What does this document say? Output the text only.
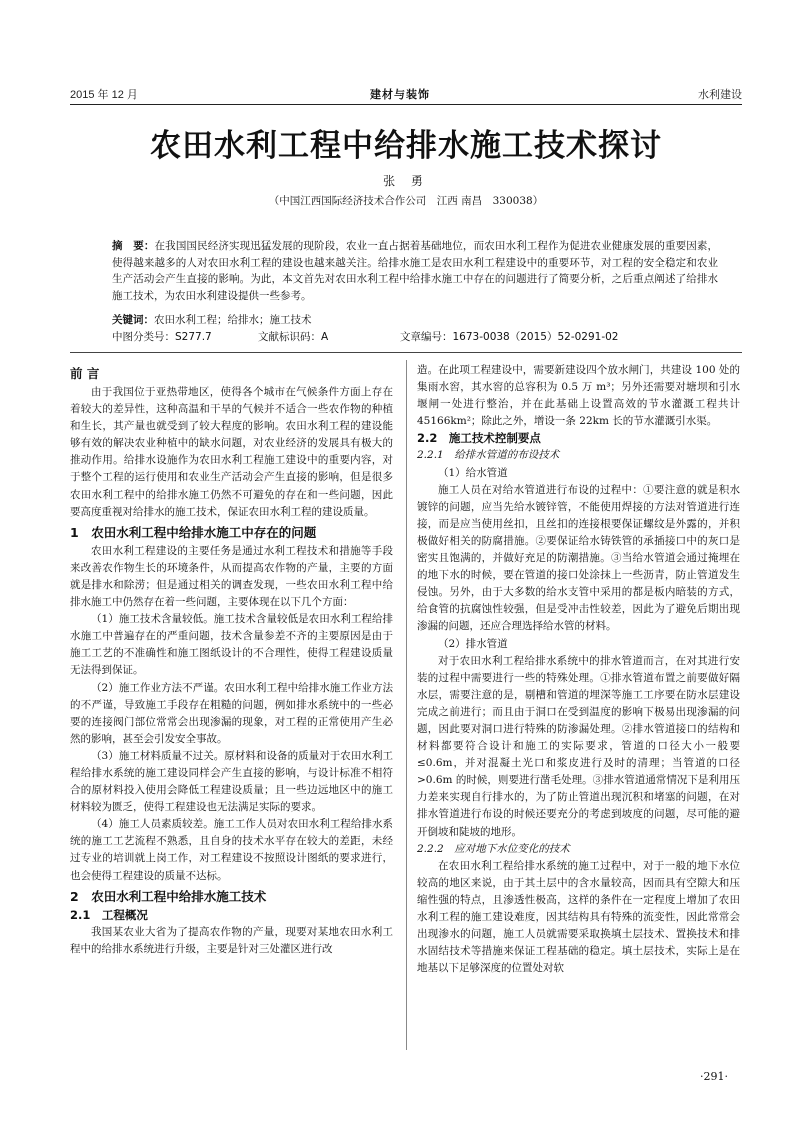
2015 年 12 月	建材与装饰	水利建设
农田水利工程中给排水施工技术探讨
张 勇
（中国江西国际经济技术合作公司　江西 南昌　330038）
摘　要：在我国国民经济实现迅猛发展的现阶段，农业一直占据着基础地位，而农田水利工程作为促进农业健康发展的重要因素，使得越来越多的人对农田水利工程的建设也越来越关注。给排水施工是农田水利工程建设中的重要环节，对工程的安全稳定和农业生产活动会产生直接的影响。为此，本文首先对农田水利工程中给排水施工中存在的问题进行了简要分析，之后重点阐述了给排水施工技术，为农田水利建设提供一些参考。
关键词：农田水利工程；给排水；施工技术
中图分类号：S277.7	文献标识码：A	文章编号：1673-0038（2015）52-0291-02

前 言

由于我国位于亚热带地区，使得各个城市在气候条件方面上存在着较大的差异性，这种高温和干旱的气候并不适合一些农作物的种植和生长，其产量也就受到了较大程度的影响。农田水利工程的建设能够有效的解决农业种植中的缺水问题，对农业经济的发展具有极大的推动作用。给排水设施作为农田水利工程施工建设中的重要内容，对于整个工程的运行使用和农业生产活动会产生直接的影响，但是很多农田水利工程中的给排水施工仍然不可避免的存在和一些问题，因此要高度重视对给排水的施工技术，保证农田水利工程的建设质量。

1　农田水利工程中给排水施工中存在的问题

农田水利工程建设的主要任务是通过水利工程技术和措施等手段来改善农作物生长的环境条件，从而提高农作物的产量，主要的方面就是排水和除涝；但是通过相关的调查发现，一些农田水利工程中给排水施工中仍然存在着一些问题，主要体现在以下几个方面：

（1）施工技术含量较低。施工技术含量较低是农田水利工程给排水施工中普遍存在的严重问题，技术含量参差不齐的主要原因是由于施工工艺的不准确性和施工图纸设计的不合理性，使得工程建设质量无法得到保证。

（2）施工作业方法不严谨。农田水利工程中给排水施工作业方法的不严谨，导致施工手段存在粗糙的问题，例如排水系统中的一些必要的连接阀门部位常常会出现渗漏的现象，对工程的正常使用产生必然的影响，甚至会引发安全事故。

（3）施工材料质量不过关。原材料和设备的质量对于农田水利工程给排水系统的施工建设同样会产生直接的影响，与设计标准不相符合的原材料投入使用会降低工程建设质量；且一些边远地区中的施工材料较为匮乏，使得工程建设也无法满足实际的要求。

（4）施工人员素质较差。施工工作人员对农田水利工程给排水系统的施工工艺流程不熟悉，且自身的技术水平存在较大的差距，未经过专业的培训就上岗工作，对工程建设不按照设计图纸的要求进行，也会使得工程建设的质量不达标。

2　农田水利工程中给排水施工技术

2.1　工程概况

我国某农业大省为了提高农作物的产量，现要对某地农田水利工程中的给排水系统进行升级，主要是针对三处灌区进行改

造。在此项工程建设中，需要新建设四个放水闸门，共建设 100 处的集雨水窖，其水窖的总容积为 0.5 万 m³；另外还需要对塘坝和引水堰闸一处进行整治，并在此基础上设置高效的节水灌溉工程共计 45166km²；除此之外，增设一条 22km 长的节水灌溉引水渠。

2.2　施工技术控制要点

2.2.1　给排水管道的布设技术

（1）给水管道

施工人员在对给水管道进行布设的过程中：①要注意的就是积水镀锌的问题，应当先给水镀锌管，不能使用焊接的方法对管道进行连接，而是应当使用丝扣，且丝扣的连接根要保证螺纹是外露的，并积极做好相关的防腐措施。②要保证给水铸铁管的承插接口中的灰口是密实且饱满的，并做好充足的防潮措施。③当给水管道会通过掩埋在的地下水的时候，要在管道的接口处涂抹上一些沥青，防止管道发生侵蚀。另外，由于大多数的给水支管中采用的都是板内暗装的方式，给食管的抗腐蚀性较强，但是受冲击性较差，因此为了避免后期出现渗漏的问题，还应合理选择给水管的材料。

（2）排水管道

对于农田水利工程给排水系统中的排水管道而言，在对其进行安装的过程中需要进行一些的特殊处理。①排水管道布置之前要做好隔水层，需要注意的是，剔槽和管道的埋深等施工工序要在防水层建设完成之前进行；而且由于洞口在受到温度的影响下极易出现渗漏的问题，因此要对洞口进行特殊的防渗漏处理。②排水管道接口的结构和材料都要符合设计和施工的实际要求，管道的口径大小一般要≤0.6m，并对混凝土光口和浆皮进行及时的清理；当管道的口径>0.6m 的时候，则要进行凿毛处理。③排水管道通常情况下是利用压力差来实现自行排水的，为了防止管道出现沉积和堵塞的问题，在对排水管道进行布设的时候还要充分的考虑到坡度的问题，尽可能的避开倒坡和陡坡的地形。

2.2.2　应对地下水位变化的技术

在农田水利工程给排水系统的施工过程中，对于一般的地下水位较高的地区来说，由于其土层中的含水量较高，因而具有空隙大和压缩性强的特点，且渗透性极高，这样的条件在一定程度上增加了农田水利工程的施工建设难度，因其结构具有特殊的流变性，因此常常会出现渗水的问题，施工人员就需要采取换填土层技术、置换技术和排水固结技术等措施来保证工程基础的稳定。填土层技术，实际上是在地基以下足够深度的位置处对软

·291·
